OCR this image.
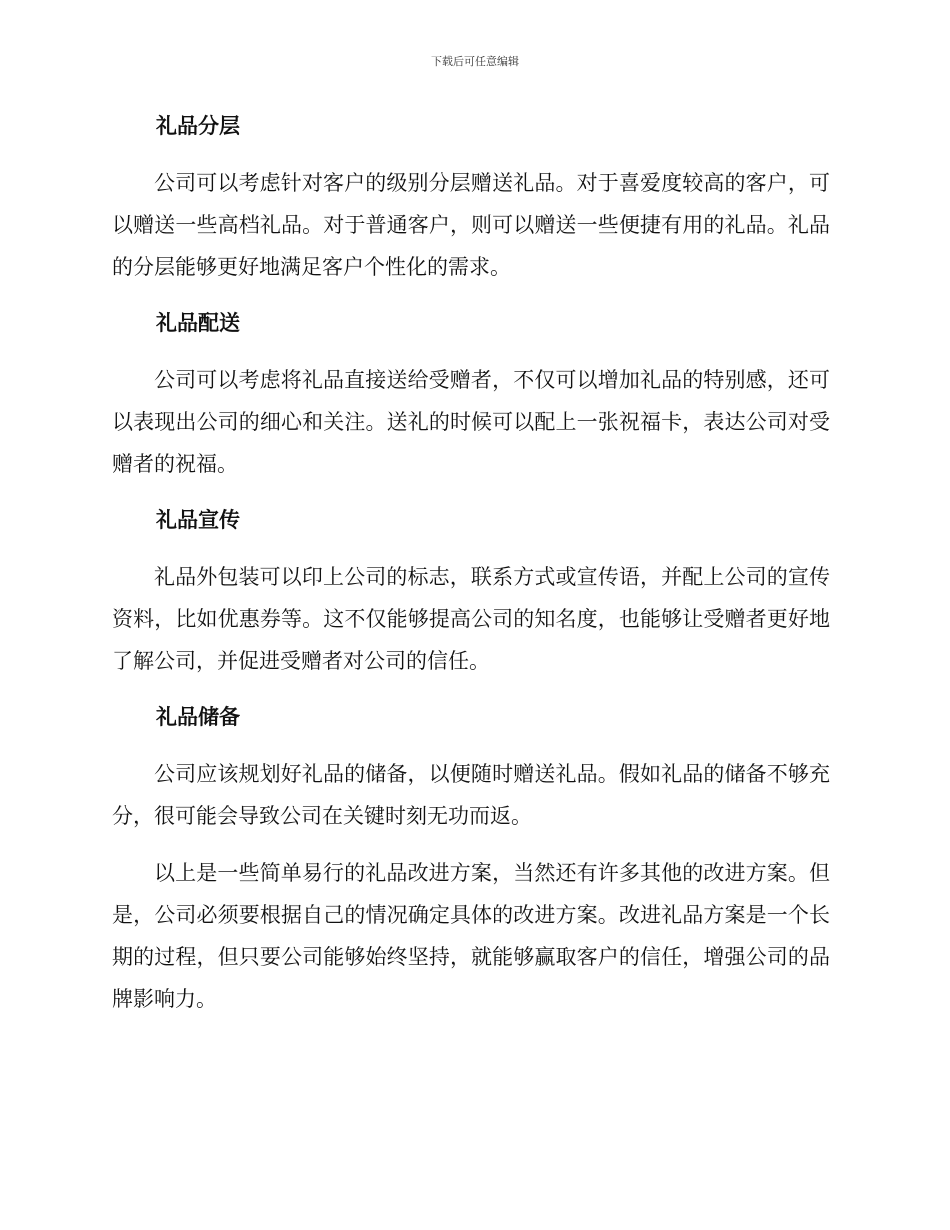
下载后可任意编辑
礼品分层

公司可以考虑针对客户的级别分层赠送礼品。对于喜爱度较高的客户，可以赠送一些高档礼品。对于普通客户，则可以赠送一些便捷有用的礼品。礼品的分层能够更好地满足客户个性化的需求。

礼品配送

公司可以考虑将礼品直接送给受赠者，不仅可以增加礼品的特别感，还可以表现出公司的细心和关注。送礼的时候可以配上一张祝福卡，表达公司对受赠者的祝福。

礼品宣传

礼品外包装可以印上公司的标志，联系方式或宣传语，并配上公司的宣传资料，比如优惠券等。这不仅能够提高公司的知名度，也能够让受赠者更好地了解公司，并促进受赠者对公司的信任。

礼品储备

公司应该规划好礼品的储备，以便随时赠送礼品。假如礼品的储备不够充分，很可能会导致公司在关键时刻无功而返。

以上是一些简单易行的礼品改进方案，当然还有许多其他的改进方案。但是，公司必须要根据自己的情况确定具体的改进方案。改进礼品方案是一个长期的过程，但只要公司能够始终坚持，就能够赢取客户的信任，增强公司的品牌影响力。
